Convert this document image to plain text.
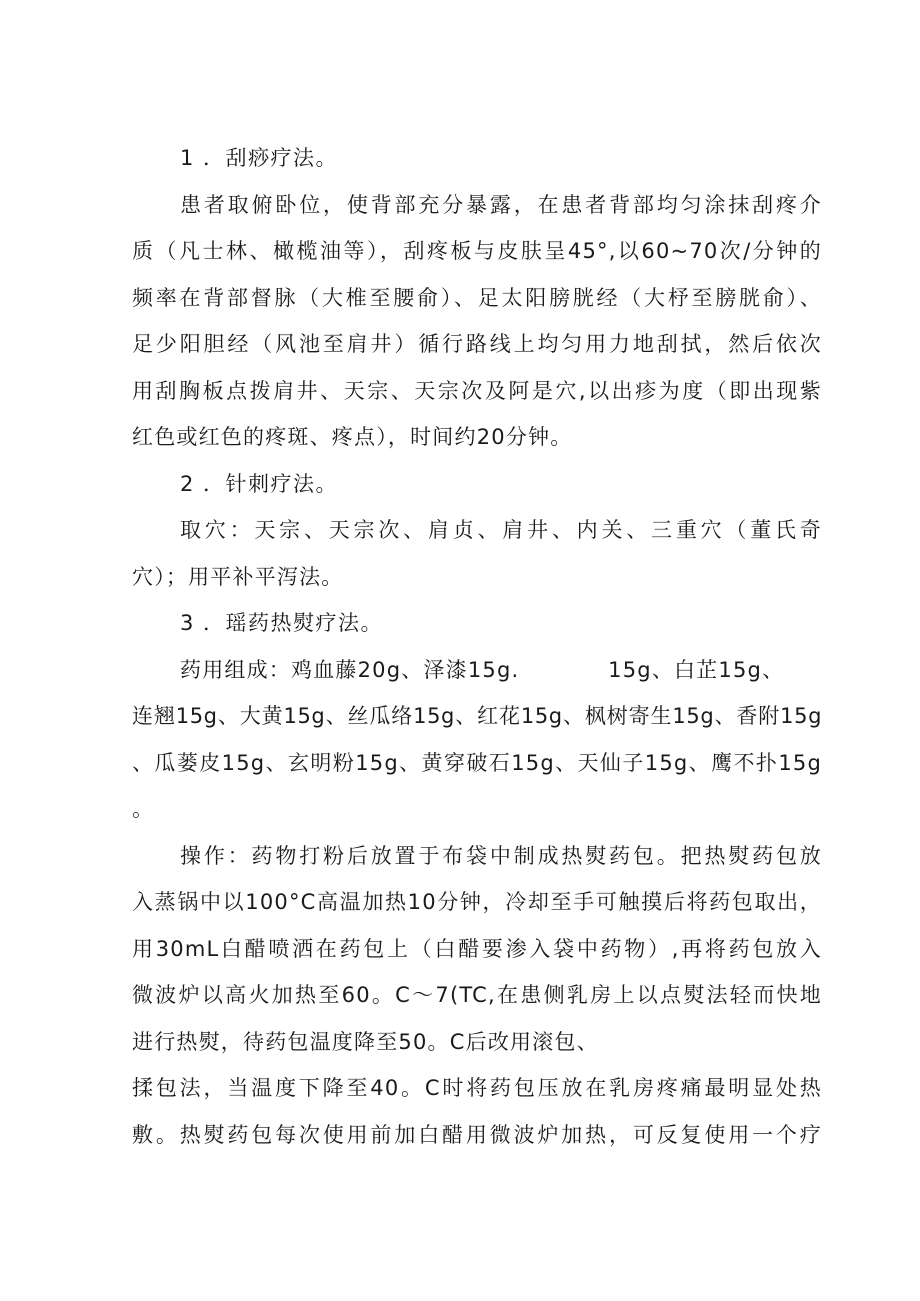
1 ．刮痧疗法。
患者取俯卧位，使背部充分暴露，在患者背部均匀涂抹刮疼介
质（凡士林、橄榄油等），刮疼板与皮肤呈45°,以60~70次/分钟的
频率在背部督脉（大椎至腰俞）、足太阳膀胱经（大杼至膀胱俞）、
足少阳胆经（风池至肩井）循行路线上均匀用力地刮拭，然后依次
用刮胸板点拨肩井、天宗、天宗次及阿是穴,以出疹为度（即出现紫
红色或红色的疼斑、疼点），时间约20分钟。
2 ．针刺疗法。
取穴：天宗、天宗次、肩贞、肩井、内关、三重穴（董氏奇
穴）；用平补平泻法。
3 ．瑶药热熨疗法。
药用组成：鸡血藤20g、泽漆15g.　　　　15g、白芷15g、
连翘15g、大黄15g、丝瓜络15g、红花15g、枫树寄生15g、香附15g
、瓜蒌皮15g、玄明粉15g、黄穿破石15g、天仙子15g、鹰不扑15g
。
操作：药物打粉后放置于布袋中制成热熨药包。把热熨药包放
入蒸锅中以100°C高温加热10分钟，冷却至手可触摸后将药包取出，
用30mL白醋喷洒在药包上（白醋要渗入袋中药物）,再将药包放入
微波炉以高火加热至60。C〜7(TC,在患侧乳房上以点熨法轻而快地
进行热熨，待药包温度降至50。C后改用滚包、
揉包法，当温度下降至40。C时将药包压放在乳房疼痛最明显处热
敷。热熨药包每次使用前加白醋用微波炉加热，可反复使用一个疗
